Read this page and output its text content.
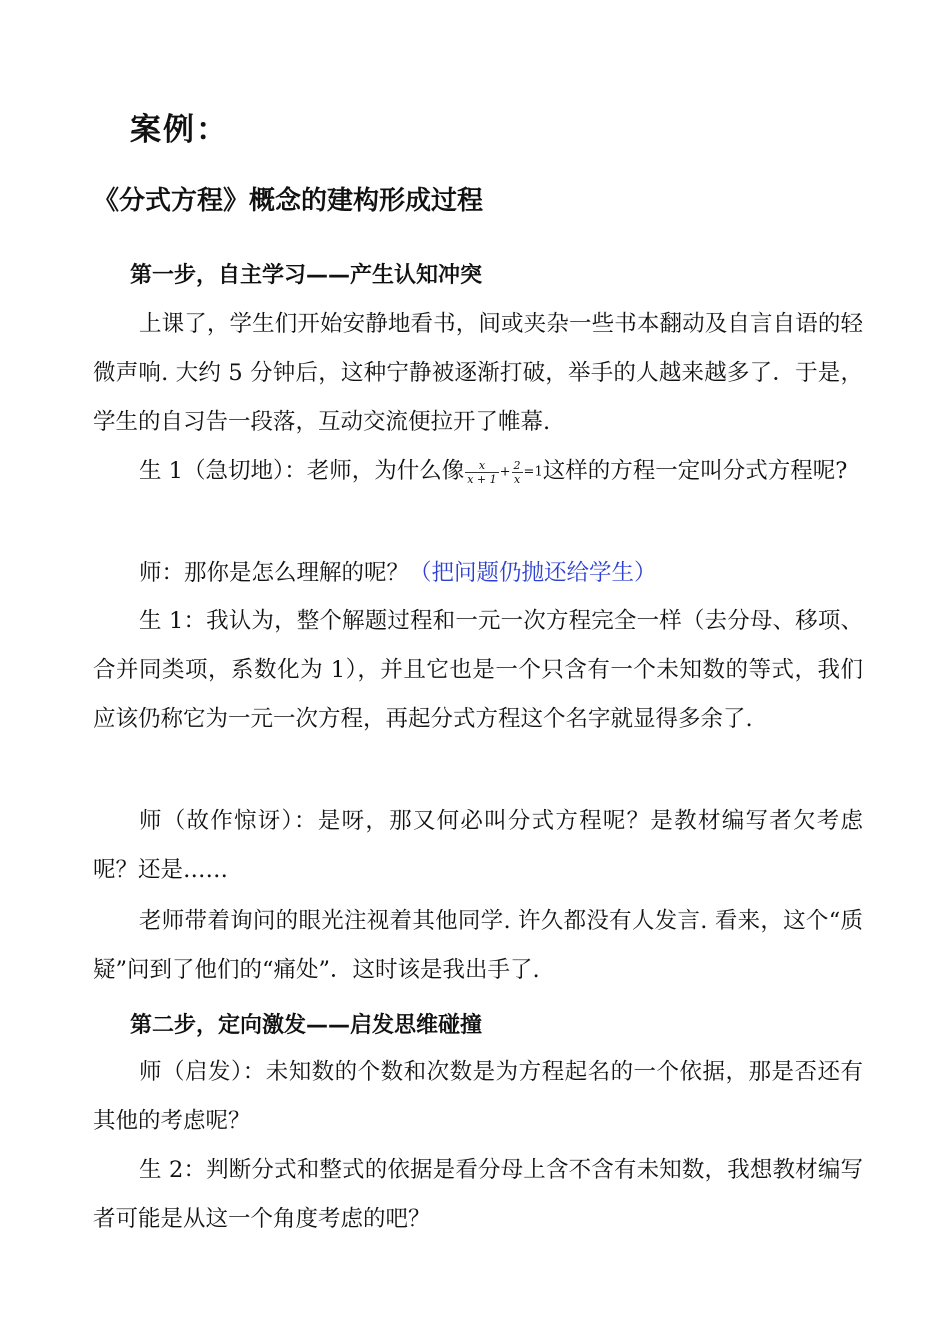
案例：
《分式方程》概念的建构形成过程
第一步，自主学习——产生认知冲突
上课了，学生们开始安静地看书，间或夹杂一些书本翻动及自言自语的轻微声响. 大约 5 分钟后，这种宁静被逐渐打破，举手的人越来越多了．于是，学生的自习告一段落，互动交流便拉开了帷幕.
生 1（急切地）：老师，为什么像 $\frac{x}{x + 1} + \frac{2}{x} =1$这样的方程一定叫分式方程呢?
师：那你是怎么理解的呢？（把问题仍抛还给学生）
生 1：我认为，整个解题过程和一元一次方程完全一样（去分母、移项、合并同类项，系数化为 1），并且它也是一个只含有一个未知数的等式，我们应该仍称它为一元一次方程，再起分式方程这个名字就显得多余了.
师（故作惊讶）：是呀，那又何必叫分式方程呢？是教材编写者欠考虑呢？还是……
老师带着询问的眼光注视着其他同学. 许久都没有人发言. 看来，这个“质疑”问到了他们的“痛处”．这时该是我出手了.
第二步，定向激发——启发思维碰撞
师（启发）：未知数的个数和次数是为方程起名的一个依据，那是否还有其他的考虑呢？
生 2：判断分式和整式的依据是看分母上含不含有未知数，我想教材编写者可能是从这一个角度考虑的吧？
